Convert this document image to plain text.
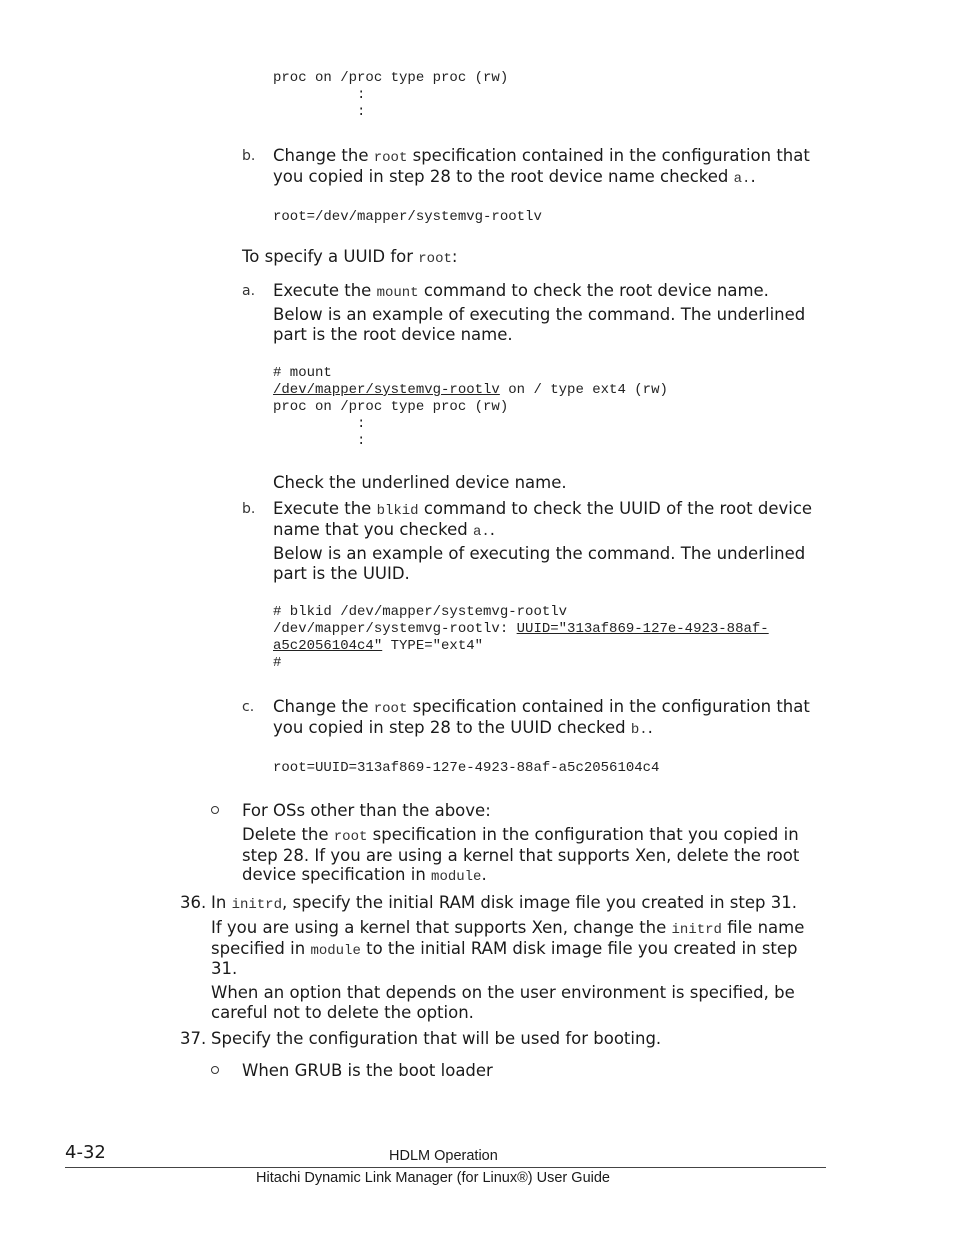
proc on /proc type proc (rw)
:
:
b. Change the root specification contained in the configuration that
you copied in step 28 to the root device name checked a..
root=/dev/mapper/systemvg-rootlv
To specify a UUID for root:
a. Execute the mount command to check the root device name.
Below is an example of executing the command. The underlined
part is the root device name.
# mount
/dev/mapper/systemvg-rootlv on / type ext4 (rw)
proc on /proc type proc (rw)
:
:
Check the underlined device name.
b. Execute the blkid command to check the UUID of the root device
name that you checked a..
Below is an example of executing the command. The underlined
part is the UUID.
# blkid /dev/mapper/systemvg-rootlv
/dev/mapper/systemvg-rootlv: UUID="313af869-127e-4923-88af-
a5c2056104c4" TYPE="ext4"
#
c. Change the root specification contained in the configuration that
you copied in step 28 to the UUID checked b..
root=UUID=313af869-127e-4923-88af-a5c2056104c4
For OSs other than the above:
Delete the root specification in the configuration that you copied in
step 28. If you are using a kernel that supports Xen, delete the root
device specification in module.
36. In initrd, specify the initial RAM disk image file you created in step 31.
If you are using a kernel that supports Xen, change the initrd file name
specified in module to the initial RAM disk image file you created in step
31.
When an option that depends on the user environment is specified, be
careful not to delete the option.
37. Specify the configuration that will be used for booting.
When GRUB is the boot loader
4-32	HDLM Operation
Hitachi Dynamic Link Manager (for Linux®) User Guide
